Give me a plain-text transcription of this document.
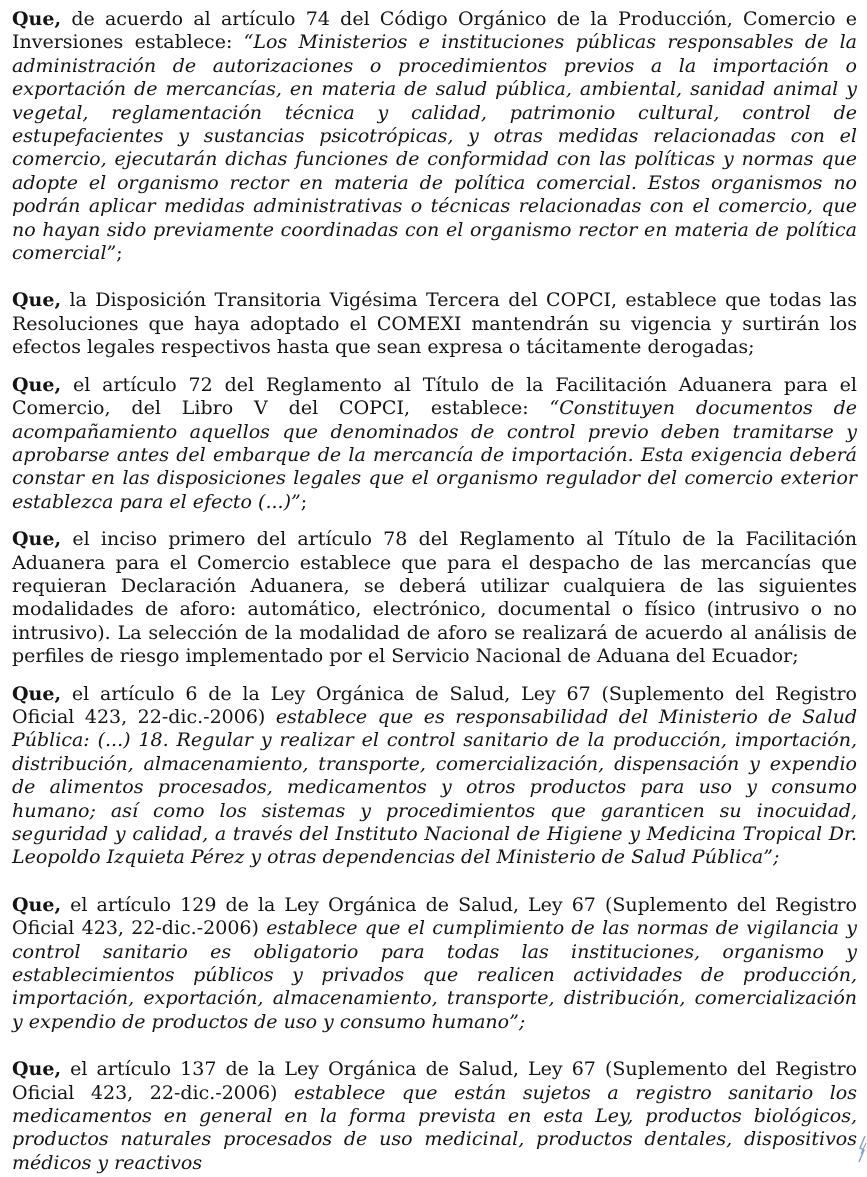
Que, de acuerdo al artículo 74 del Código Orgánico de la Producción, Comercio e Inversiones establece: “Los Ministerios e instituciones públicas responsables de la administración de autorizaciones o procedimientos previos a la importación o exportación de mercancías, en materia de salud pública, ambiental, sanidad animal y vegetal, reglamentación técnica y calidad, patrimonio cultural, control de estupefacientes y sustancias psicotrópicas, y otras medidas relacionadas con el comercio, ejecutarán dichas funciones de conformidad con las políticas y normas que adopte el organismo rector en materia de política comercial. Estos organismos no podrán aplicar medidas administrativas o técnicas relacionadas con el comercio, que no hayan sido previamente coordinadas con el organismo rector en materia de política comercial”;

Que, la Disposición Transitoria Vigésima Tercera del COPCI, establece que todas las Resoluciones que haya adoptado el COMEXI mantendrán su vigencia y surtirán los efectos legales respectivos hasta que sean expresa o tácitamente derogadas;

Que, el artículo 72 del Reglamento al Título de la Facilitación Aduanera para el Comercio, del Libro V del COPCI, establece: “Constituyen documentos de acompañamiento aquellos que denominados de control previo deben tramitarse y aprobarse antes del embarque de la mercancía de importación. Esta exigencia deberá constar en las disposiciones legales que el organismo regulador del comercio exterior establezca para el efecto (...)”;

Que, el inciso primero del artículo 78 del Reglamento al Título de la Facilitación Aduanera para el Comercio establece que para el despacho de las mercancías que requieran Declaración Aduanera, se deberá utilizar cualquiera de las siguientes modalidades de aforo: automático, electrónico, documental o físico (intrusivo o no intrusivo). La selección de la modalidad de aforo se realizará de acuerdo al análisis de perfiles de riesgo implementado por el Servicio Nacional de Aduana del Ecuador;

Que, el artículo 6 de la Ley Orgánica de Salud, Ley 67 (Suplemento del Registro Oficial 423, 22-dic.-2006) establece que es responsabilidad del Ministerio de Salud Pública: (...) 18. Regular y realizar el control sanitario de la producción, importación, distribución, almacenamiento, transporte, comercialización, dispensación y expendio de alimentos procesados, medicamentos y otros productos para uso y consumo humano; así como los sistemas y procedimientos que garanticen su inocuidad, seguridad y calidad, a través del Instituto Nacional de Higiene y Medicina Tropical Dr. Leopoldo Izquieta Pérez y otras dependencias del Ministerio de Salud Pública”;

Que, el artículo 129 de la Ley Orgánica de Salud, Ley 67 (Suplemento del Registro Oficial 423, 22-dic.-2006) establece que el cumplimiento de las normas de vigilancia y control sanitario es obligatorio para todas las instituciones, organismo y establecimientos públicos y privados que realicen actividades de producción, importación, exportación, almacenamiento, transporte, distribución, comercialización y expendio de productos de uso y consumo humano”;

Que, el artículo 137 de la Ley Orgánica de Salud, Ley 67 (Suplemento del Registro Oficial 423, 22-dic.-2006) establece que están sujetos a registro sanitario los medicamentos en general en la forma prevista en esta Ley, productos biológicos, productos naturales procesados de uso medicinal, productos dentales, dispositivos médicos y reactivos
